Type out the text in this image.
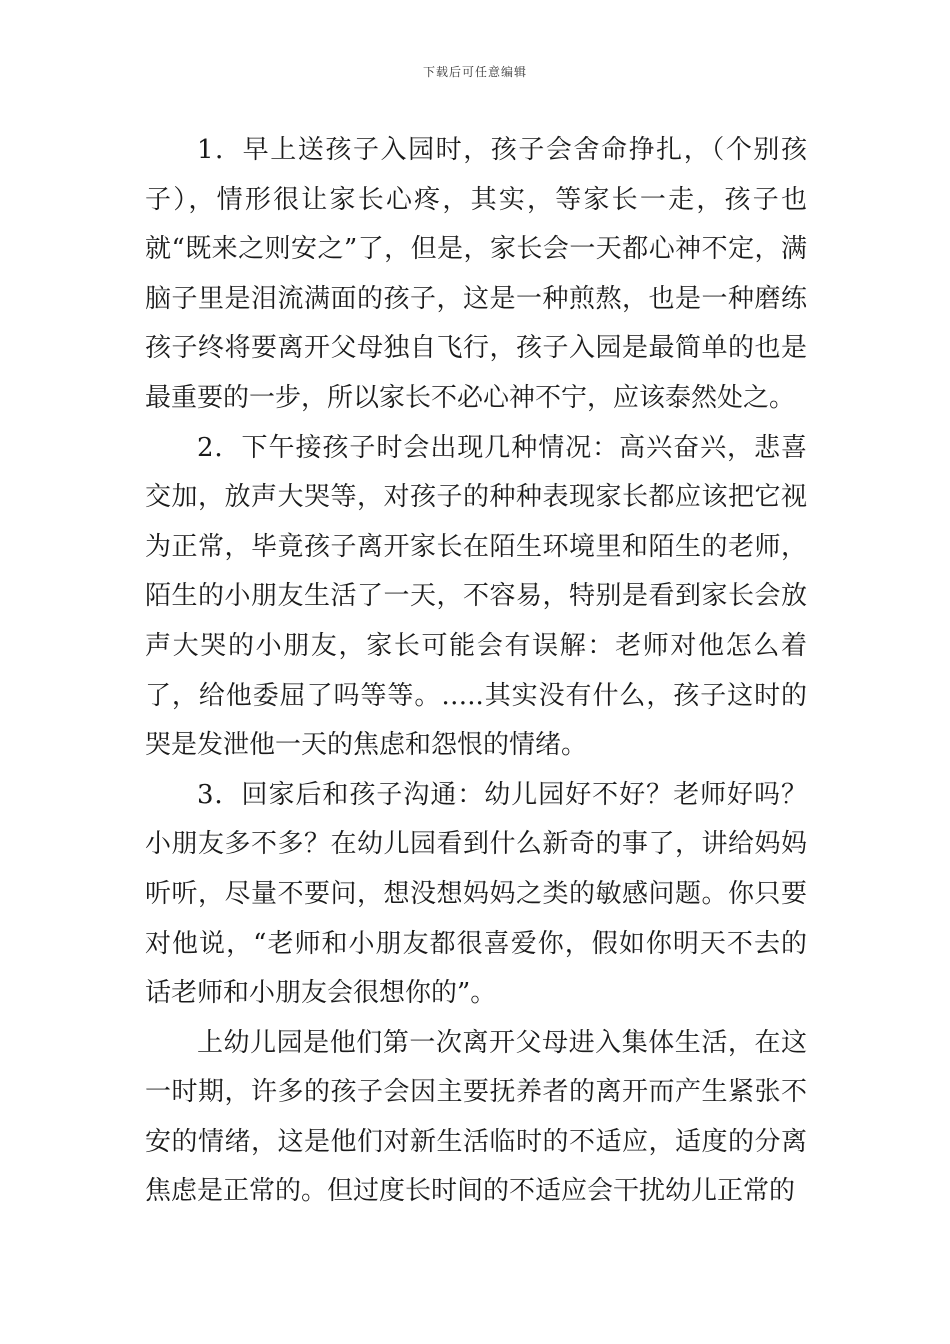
下载后可任意编辑

1．早上送孩子入园时，孩子会舍命挣扎，（个别孩子），情形很让家长心疼，其实，等家长一走，孩子也就“既来之则安之”了，但是，家长会一天都心神不定，满脑子里是泪流满面的孩子，这是一种煎熬，也是一种磨练孩子终将要离开父母独自飞行，孩子入园是最简单的也是最重要的一步，所以家长不必心神不宁，应该泰然处之。

2．下午接孩子时会出现几种情况：高兴奋兴，悲喜交加，放声大哭等，对孩子的种种表现家长都应该把它视为正常，毕竟孩子离开家长在陌生环境里和陌生的老师，陌生的小朋友生活了一天，不容易，特别是看到家长会放声大哭的小朋友，家长可能会有误解：老师对他怎么着了，给他委屈了吗等等。…..其实没有什么，孩子这时的哭是发泄他一天的焦虑和怨恨的情绪。

3．回家后和孩子沟通：幼儿园好不好？老师好吗？小朋友多不多？在幼儿园看到什么新奇的事了，讲给妈妈听听，尽量不要问，想没想妈妈之类的敏感问题。你只要对他说，“老师和小朋友都很喜爱你，假如你明天不去的话老师和小朋友会很想你的”。

上幼儿园是他们第一次离开父母进入集体生活，在这一时期，许多的孩子会因主要抚养者的离开而产生紧张不安的情绪，这是他们对新生活临时的不适应，适度的分离焦虑是正常的。但过度长时间的不适应会干扰幼儿正常的
